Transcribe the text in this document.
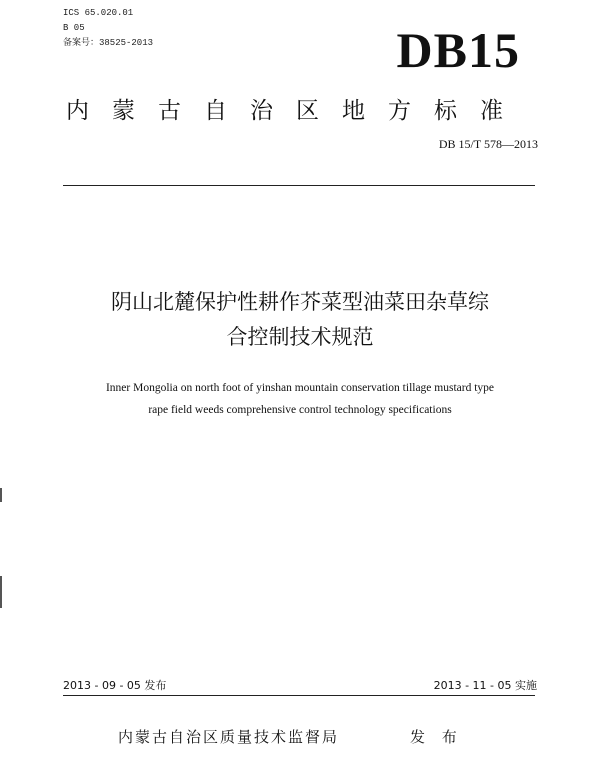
ICS 65.020.01
B 05
备案号：38525-2013	DB15
内蒙古自治区地方标准
DB 15/T 578—2013
阴山北麓保护性耕作芥菜型油菜田杂草综
合控制技术规范
Inner Mongolia on north foot of yinshan mountain conservation tillage mustard type
rape field weeds comprehensive control technology specifications
2013 - 09 - 05 发布	2013 - 11 - 05 实施
内蒙古自治区质量技术监督局	发 布
